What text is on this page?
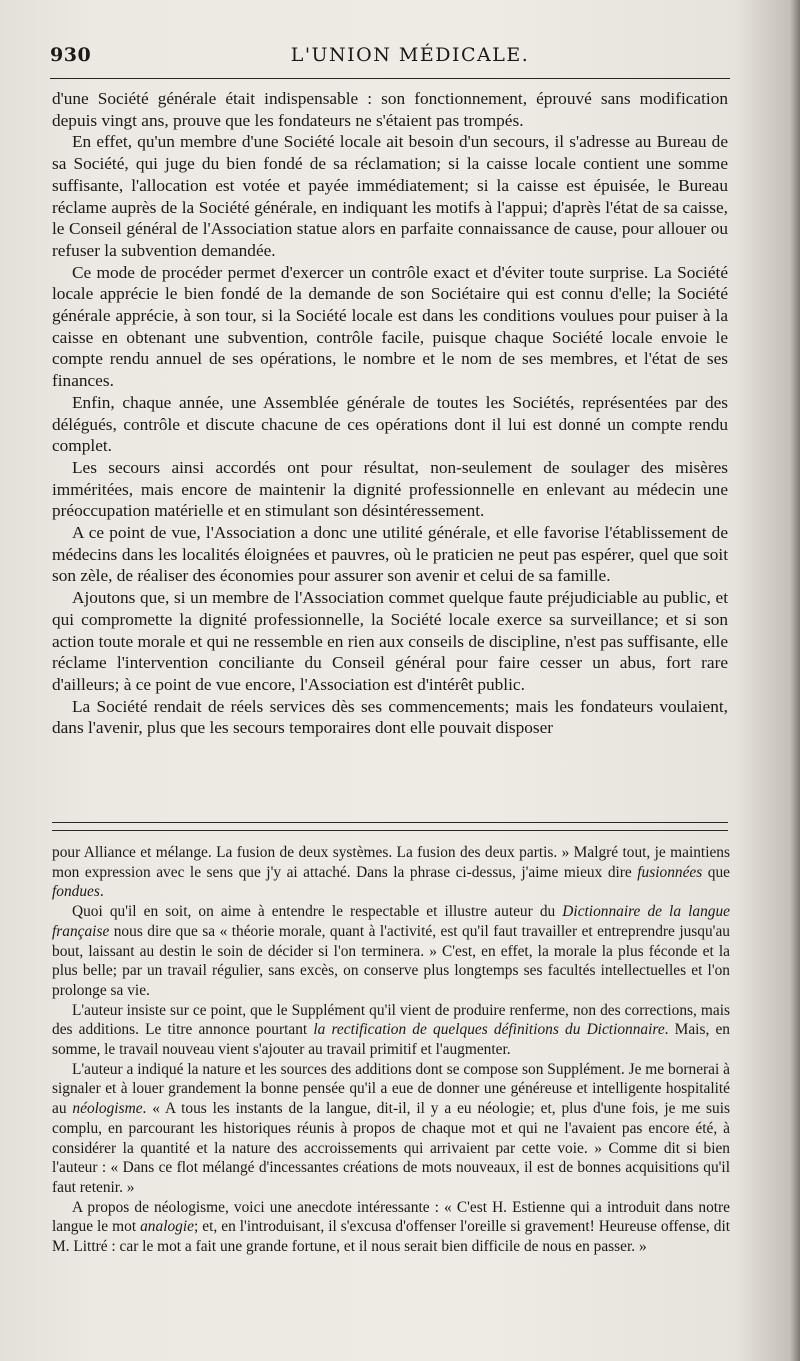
930	L'UNION MÉDICALE.

d'une Société générale était indispensable : son fonctionnement, éprouvé sans modification depuis vingt ans, prouve que les fondateurs ne s'étaient pas trompés.

En effet, qu'un membre d'une Société locale ait besoin d'un secours, il s'adresse au Bureau de sa Société, qui juge du bien fondé de sa réclamation; si la caisse locale contient une somme suffisante, l'allocation est votée et payée immédiatement; si la caisse est épuisée, le Bureau réclame auprès de la Société générale, en indiquant les motifs à l'appui; d'après l'état de sa caisse, le Conseil général de l'Association statue alors en parfaite connaissance de cause, pour allouer ou refuser la subvention demandée.

Ce mode de procéder permet d'exercer un contrôle exact et d'éviter toute surprise. La Société locale apprécie le bien fondé de la demande de son Sociétaire qui est connu d'elle; la Société générale apprécie, à son tour, si la Société locale est dans les conditions voulues pour puiser à la caisse en obtenant une subvention, contrôle facile, puisque chaque Société locale envoie le compte rendu annuel de ses opérations, le nombre et le nom de ses membres, et l'état de ses finances.

Enfin, chaque année, une Assemblée générale de toutes les Sociétés, représentées par des délégués, contrôle et discute chacune de ces opérations dont il lui est donné un compte rendu complet.

Les secours ainsi accordés ont pour résultat, non-seulement de soulager des misères imméritées, mais encore de maintenir la dignité professionnelle en enlevant au médecin une préoccupation matérielle et en stimulant son désintéressement.

A ce point de vue, l'Association a donc une utilité générale, et elle favorise l'établissement de médecins dans les localités éloignées et pauvres, où le praticien ne peut pas espérer, quel que soit son zèle, de réaliser des économies pour assurer son avenir et celui de sa famille.

Ajoutons que, si un membre de l'Association commet quelque faute préjudiciable au public, et qui compromette la dignité professionnelle, la Société locale exerce sa surveillance; et si son action toute morale et qui ne ressemble en rien aux conseils de discipline, n'est pas suffisante, elle réclame l'intervention conciliante du Conseil général pour faire cesser un abus, fort rare d'ailleurs; à ce point de vue encore, l'Association est d'intérêt public.

La Société rendait de réels services dès ses commencements; mais les fondateurs voulaient, dans l'avenir, plus que les secours temporaires dont elle pouvait disposer

pour Alliance et mélange. La fusion de deux systèmes. La fusion des deux partis. » Malgré tout, je maintiens mon expression avec le sens que j'y ai attaché. Dans la phrase ci-dessus, j'aime mieux dire fusionnées que fondues.

Quoi qu'il en soit, on aime à entendre le respectable et illustre auteur du Dictionnaire de la langue française nous dire que sa « théorie morale, quant à l'activité, est qu'il faut travailler et entreprendre jusqu'au bout, laissant au destin le soin de décider si l'on terminera. » C'est, en effet, la morale la plus féconde et la plus belle; par un travail régulier, sans excès, on conserve plus longtemps ses facultés intellectuelles et l'on prolonge sa vie.

L'auteur insiste sur ce point, que le Supplément qu'il vient de produire renferme, non des corrections, mais des additions. Le titre annonce pourtant la rectification de quelques définitions du Dictionnaire. Mais, en somme, le travail nouveau vient s'ajouter au travail primitif et l'augmenter.

L'auteur a indiqué la nature et les sources des additions dont se compose son Supplément. Je me bornerai à signaler et à louer grandement la bonne pensée qu'il a eue de donner une généreuse et intelligente hospitalité au néologisme. « A tous les instants de la langue, dit-il, il y a eu néologie; et, plus d'une fois, je me suis complu, en parcourant les historiques réunis à propos de chaque mot et qui ne l'avaient pas encore été, à considérer la quantité et la nature des accroissements qui arrivaient par cette voie. » Comme dit si bien l'auteur : « Dans ce flot mélangé d'incessantes créations de mots nouveaux, il est de bonnes acquisitions qu'il faut retenir. »

A propos de néologisme, voici une anecdote intéressante : « C'est H. Estienne qui a introduit dans notre langue le mot analogie; et, en l'introduisant, il s'excusa d'offenser l'oreille si gravement! Heureuse offense, dit M. Littré : car le mot a fait une grande fortune, et il nous serait bien difficile de nous en passer. »
